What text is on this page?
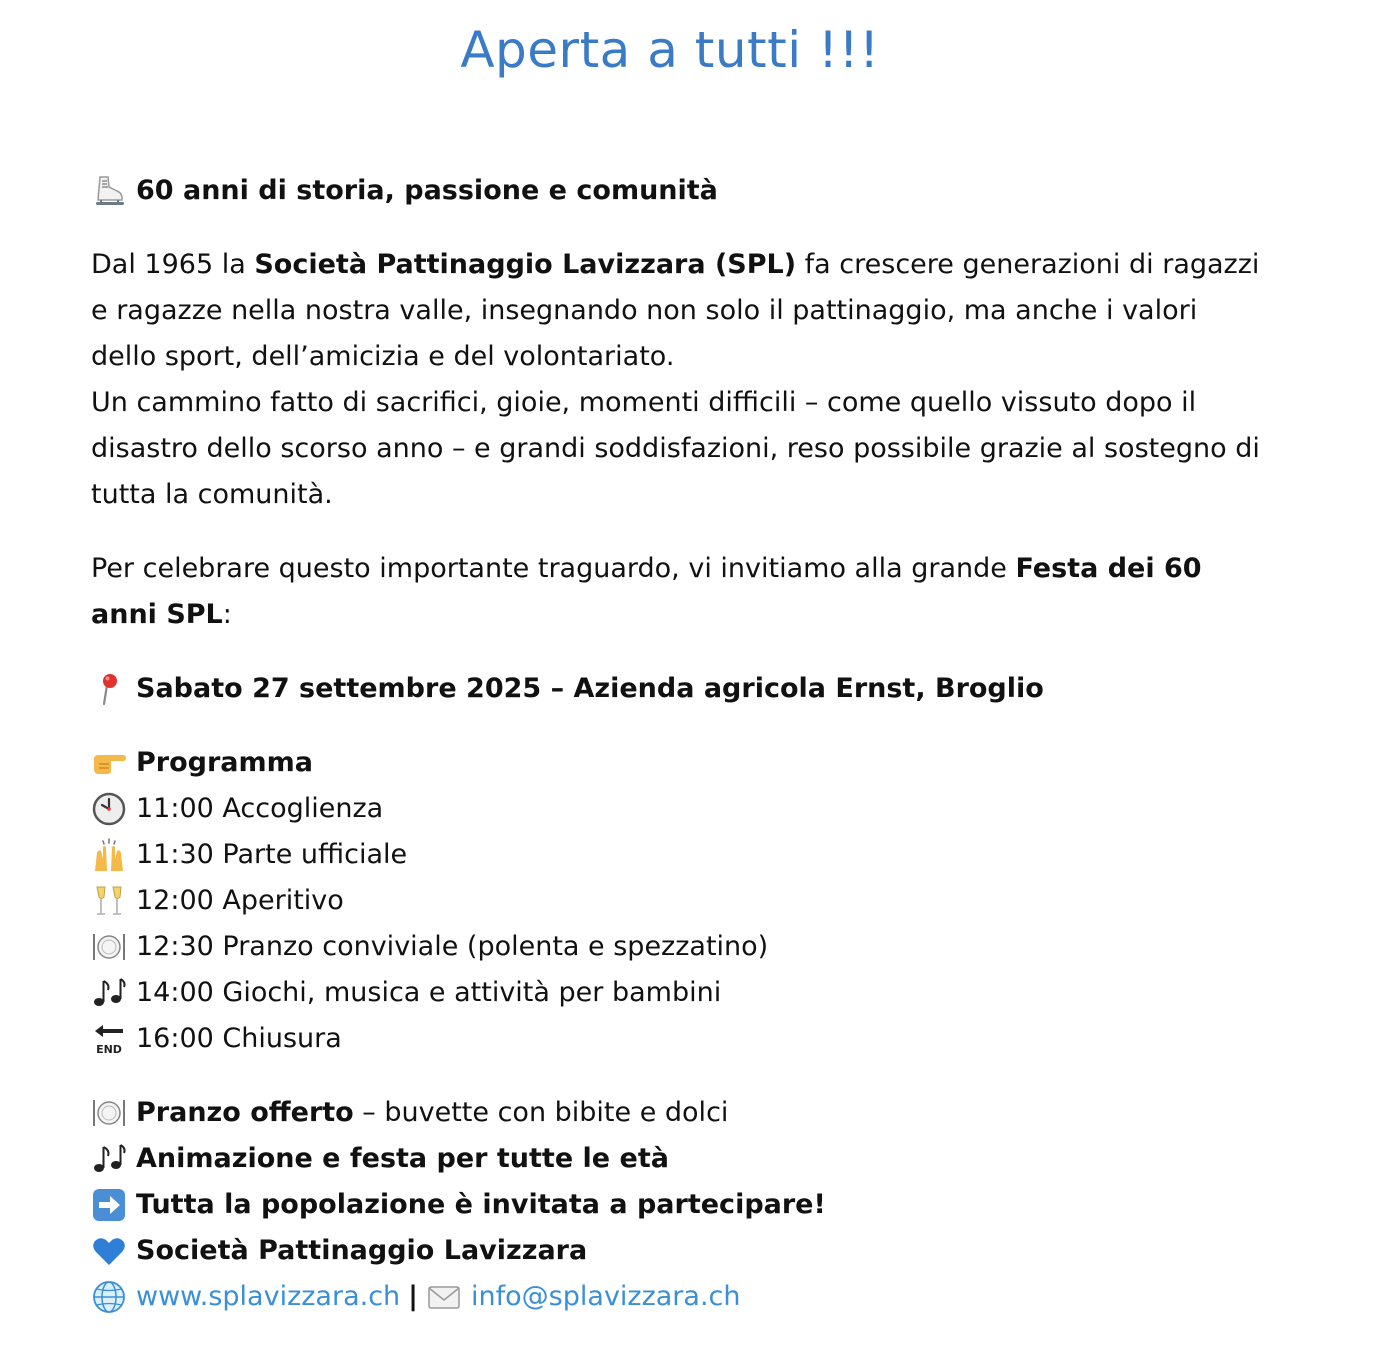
Aperta a tutti !!!
60 anni di storia, passione e comunità

Dal 1965 la Società Pattinaggio Lavizzara (SPL) fa crescere generazioni di ragazzi e ragazze nella nostra valle, insegnando non solo il pattinaggio, ma anche i valori dello sport, dell’amicizia e del volontariato.
Un cammino fatto di sacrifici, gioie, momenti difficili – come quello vissuto dopo il disastro dello scorso anno – e grandi soddisfazioni, reso possibile grazie al sostegno di tutta la comunità.

Per celebrare questo importante traguardo, vi invitiamo alla grande Festa dei 60 anni SPL:

Sabato 27 settembre 2025 – Azienda agricola Ernst, Broglio
Programma
11:00 Accoglienza
11:30 Parte ufficiale
12:00 Aperitivo
12:30 Pranzo conviviale (polenta e spezzatino)
14:00 Giochi, musica e attività per bambini
END 16:00 Chiusura
Pranzo offerto – buvette con bibite e dolci
Animazione e festa per tutte le età
Tutta la popolazione è invitata a partecipare!
Società Pattinaggio Lavizzara
www.splavizzara.ch | info@splavizzara.ch
